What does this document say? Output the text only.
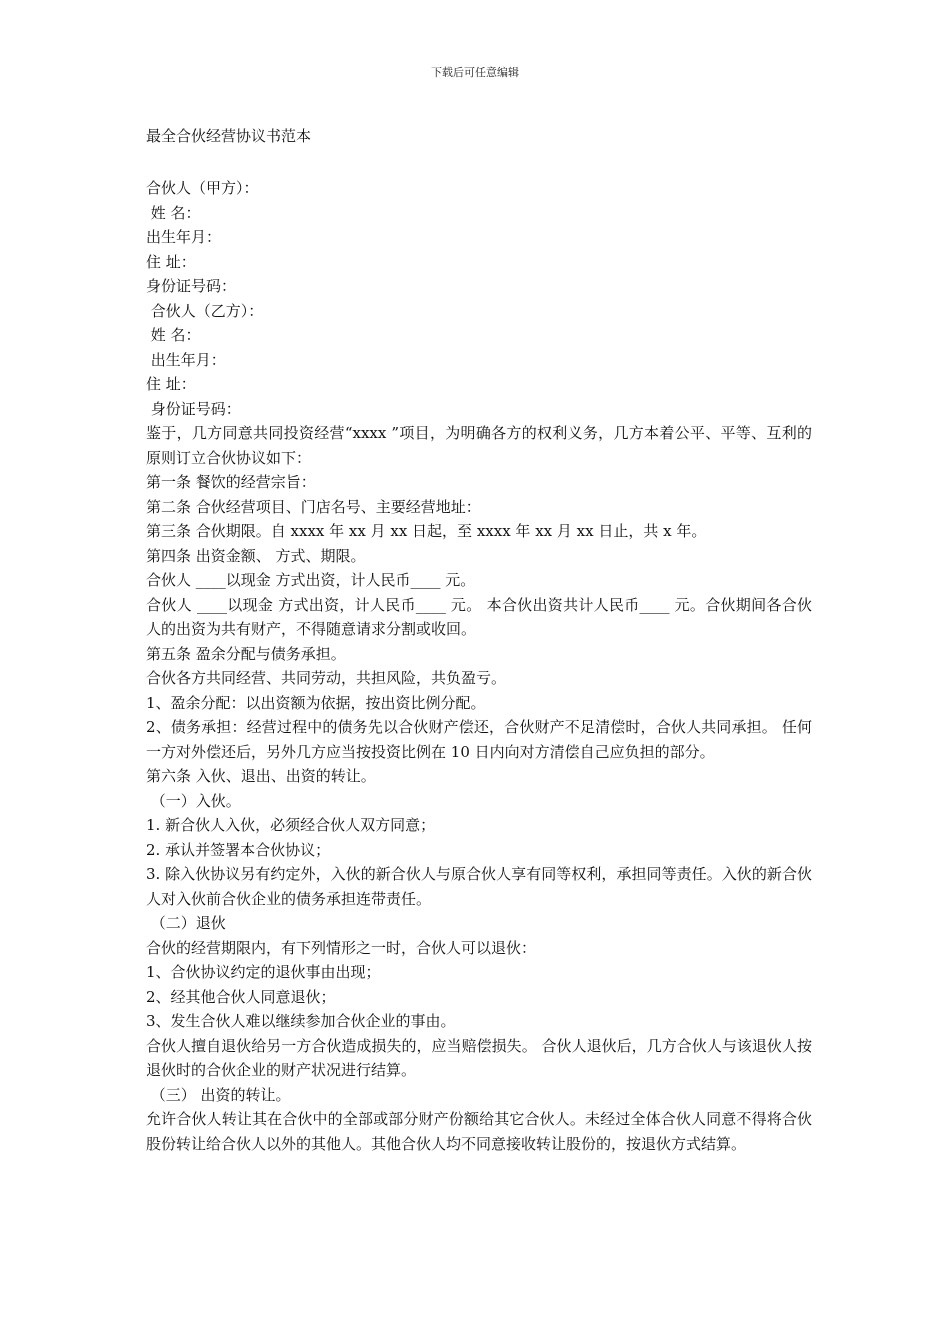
下载后可任意编辑
最全合伙经营协议书范本

合伙人（甲方）：

姓 名：

出生年月：

住 址：

身份证号码：

合伙人（乙方）：

姓 名：

出生年月：

住 址：

身份证号码：

鉴于，几方同意共同投资经营“xxxx ”项目，为明确各方的权利义务，几方本着公平、平等、互利的原则订立合伙协议如下：

第一条 餐饮的经营宗旨：

第二条 合伙经营项目、门店名号、主要经营地址：

第三条 合伙期限。自 xxxx 年 xx 月 xx 日起，至 xxxx 年 xx 月 xx 日止，共 x 年。

第四条 出资金额、 方式、期限。

合伙人 ____以现金 方式出资，计人民币____ 元。

合伙人 ____以现金 方式出资，计人民币____ 元。 本合伙出资共计人民币____ 元。合伙期间各合伙人的出资为共有财产，不得随意请求分割或收回。

第五条 盈余分配与债务承担。

合伙各方共同经营、共同劳动，共担风险，共负盈亏。

1、盈余分配：以出资额为依据，按出资比例分配。

2、债务承担：经营过程中的债务先以合伙财产偿还，合伙财产不足清偿时，合伙人共同承担。 任何一方对外偿还后，另外几方应当按投资比例在 10 日内向对方清偿自己应负担的部分。

第六条 入伙、退出、出资的转让。

（一）入伙。

1. 新合伙人入伙，必须经合伙人双方同意；

2. 承认并签署本合伙协议；

3. 除入伙协议另有约定外，入伙的新合伙人与原合伙人享有同等权利，承担同等责任。入伙的新合伙人对入伙前合伙企业的债务承担连带责任。

（二）退伙

合伙的经营期限内，有下列情形之一时，合伙人可以退伙：

1、合伙协议约定的退伙事由出现；

2、经其他合伙人同意退伙；

3、发生合伙人难以继续参加合伙企业的事由。

合伙人擅自退伙给另一方合伙造成损失的，应当赔偿损失。 合伙人退伙后，几方合伙人与该退伙人按退伙时的合伙企业的财产状况进行结算。

（三） 出资的转让。

允许合伙人转让其在合伙中的全部或部分财产份额给其它合伙人。未经过全体合伙人同意不得将合伙股份转让给合伙人以外的其他人。其他合伙人均不同意接收转让股份的，按退伙方式结算。
